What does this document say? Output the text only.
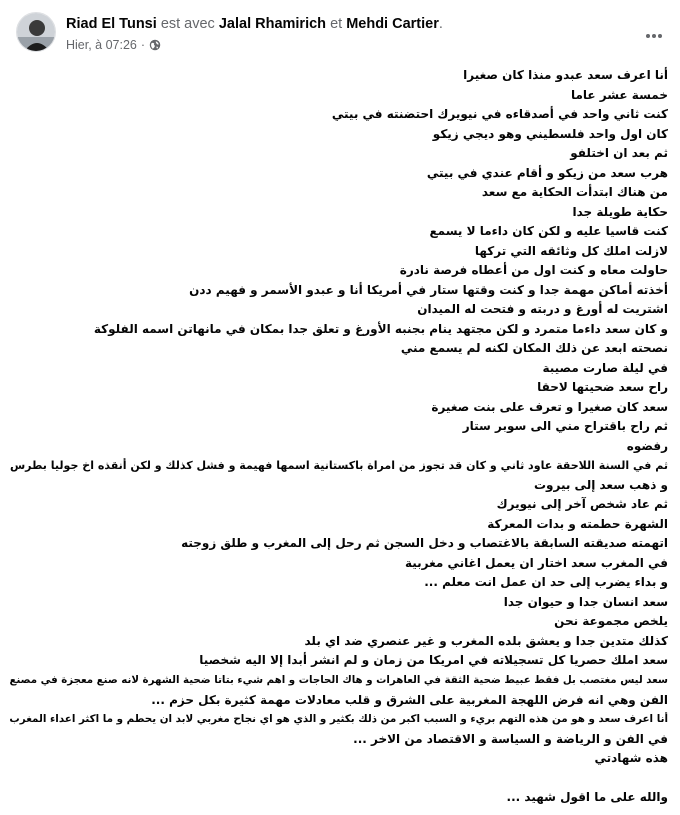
Riad El Tunsi est avec Jalal Rhamirich et Mehdi Cartier.
Hier, à 07:26 ·
أنا اعرف سعد عبدو منذا كان صغيرا
خمسة عشر عاما
كنت ثاني واحد في أصدقاءه في نيويرك احتضنته في بيتي
كان اول واحد فلسطيني وهو ديجي زيكو
ثم بعد ان اختلفو
هرب سعد من زيكو و أقام عندي في بيتي
من هناك ابتدأت الحكاية مع سعد
حكاية طويلة جدا
كنت قاسيا عليه و لكن كان داءما لا يسمع
لازلت املك كل وثائقه التي تركها
حاولت معاه و كنت اول من أعطاه فرصة نادرة
أخذته أماكن مهمة جدا و كنت وقتها ستار في أمريكا أنا و عبدو الأسمر و فهيم ددن
اشتريت له أورغ و دربته و فتحت له الميدان
و كان سعد داءما متمرد و لكن مجتهد ينام بجنبه الأورغ و تعلق جدا بمكان في مانهاتن اسمه الفلوكة
نصحته ابعد عن ذلك المكان لكنه لم يسمع مني
في ليلة صارت مصيبة
راح سعد ضحيتها لاحقا
سعد كان صغيرا و تعرف على بنت صغيرة
ثم راح باقتراح مني الى سوبر ستار
رفضوه
ثم في السنة اللاحقة عاود ثاني و كان قد تجوز من امراة باكستانية اسمها فهيمة و فشل كذلك و لكن أنقذه اخ جوليا بطرس
و ذهب سعد إلى بيروت
ثم عاد شخص آخر إلى نيويرك
الشهرة حطمته و بدات المعركة
اتهمته صديقته السابقة بالاغتصاب و دخل السجن ثم رحل إلى المغرب و طلق زوجته
في المغرب سعد اختار ان يعمل اغاني مغربية
و بداء يضرب إلى حد ان عمل انت معلم ...
سعد انسان جدا و حيوان جدا
يلخص مجموعة نحن
كذلك متدين جدا و يعشق بلده المغرب و غير عنصري ضد اي بلد
سعد املك حصريا كل تسجيلاته في امريكا من زمان و لم انشر أبدا إلا اليه شخصيا
سعد ليس مغتصب بل فقط عبيط ضحية الثقة في العاهرات و هاك الحاجات و اهم شيء بتاتا ضحية الشهرة لانه صنع معجزة في مصنع
الفن وهي انه فرض اللهجة المغربية على الشرق و قلب معادلات مهمة كثيرة بكل حزم ...
أنا اعرف سعد و هو من هذه التهم بريء و السبب اكبر من ذلك بكثير و الذي هو اي نجاح مغربي لابد ان يحطم و ما اكثر اعداء المغرب
في الفن و الرياضة و السياسة و الاقتصاد من الاخر ...
هذه شهادتي
والله على ما اقول شهيد ...
